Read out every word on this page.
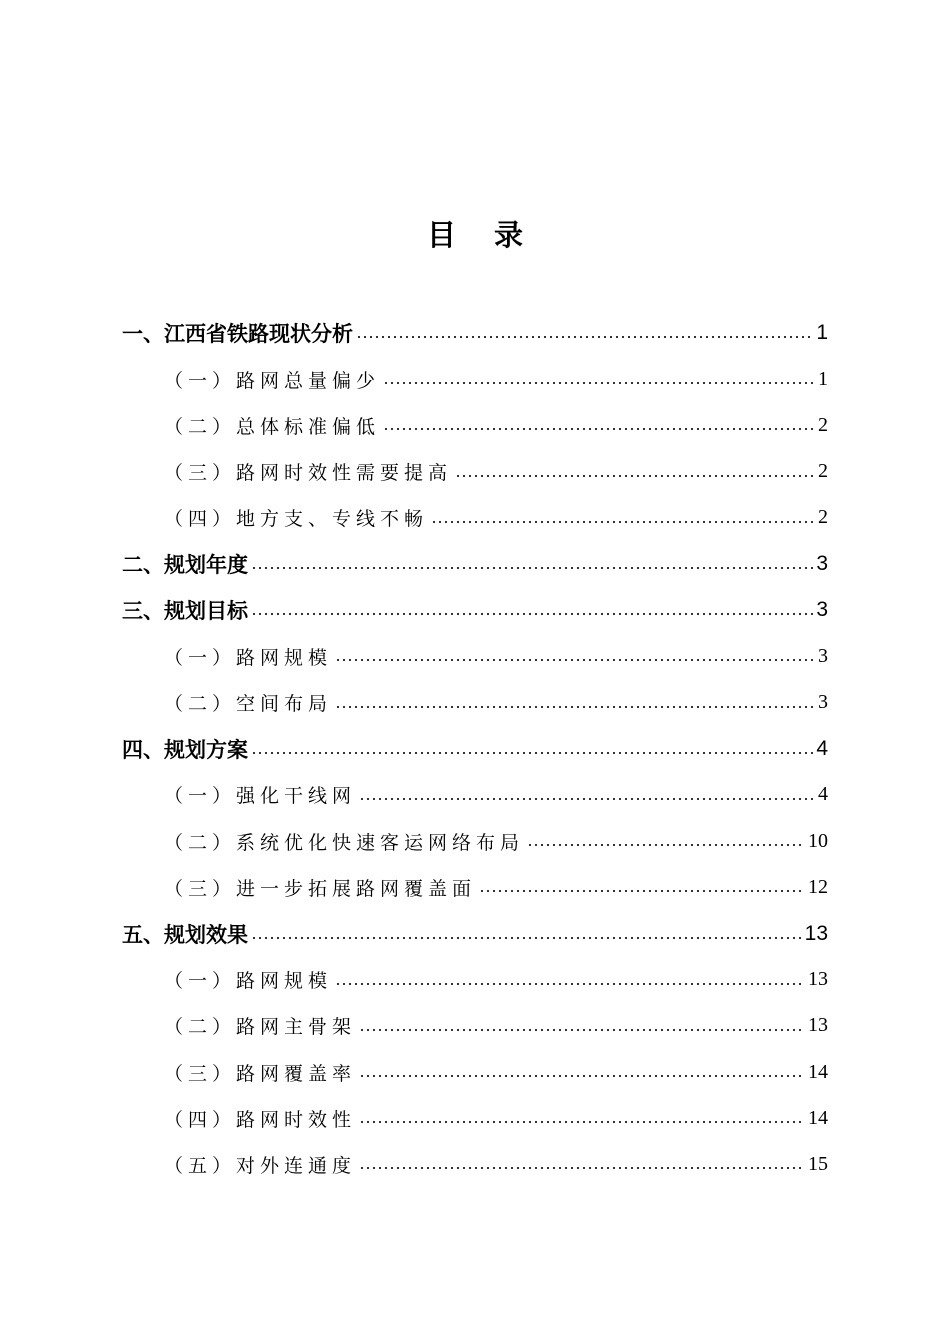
目 录
一、江西省铁路现状分析	1
（一）路网总量偏少	1
（二）总体标准偏低	2
（三）路网时效性需要提高	2
（四）地方支、专线不畅	2
二、规划年度	3
三、规划目标	3
（一）路网规模	3
（二）空间布局	3
四、规划方案	4
（一）强化干线网	4
（二）系统优化快速客运网络布局	10
（三）进一步拓展路网覆盖面	12
五、规划效果	13
（一）路网规模	13
（二）路网主骨架	13
（三）路网覆盖率	14
（四）路网时效性	14
（五）对外连通度	15
